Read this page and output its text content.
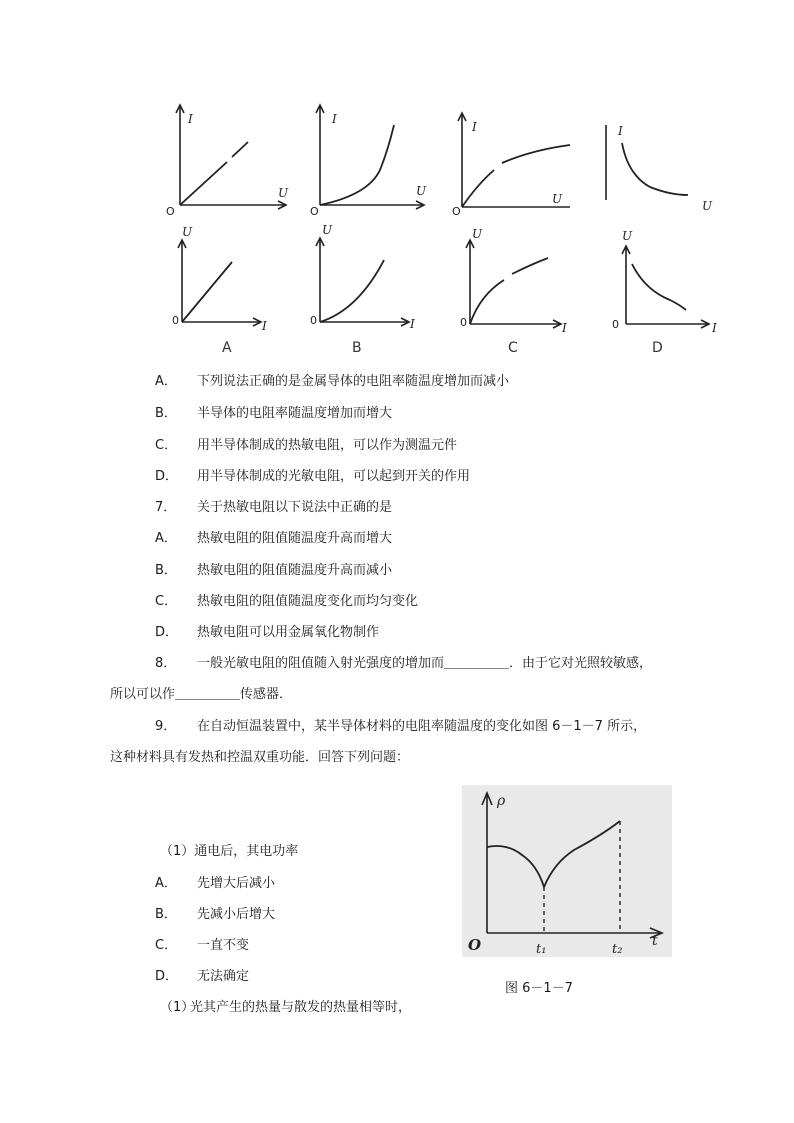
I
U
O
I
U
O
I
U
O
I
U
U
I
0
U
I
0
U
I
0
U
I
0
A	B	C	D
A． 下列说法正确的是金属导体的电阻率随温度增加而减小
B． 半导体的电阻率随温度增加而增大
C． 用半导体制成的热敏电阻，可以作为测温元件
D． 用半导体制成的光敏电阻，可以起到开关的作用
7． 关于热敏电阻以下说法中正确的是
A． 热敏电阻的阻值随温度升高而增大
B． 热敏电阻的阻值随温度升高而减小
C． 热敏电阻的阻值随温度变化而均匀变化
D． 热敏电阻可以用金属氧化物制作
8． 一般光敏电阻的阻值随入射光强度的增加而＿＿＿＿＿．由于它对光照较敏感，
所以可以作＿＿＿＿＿传感器．
9． 在自动恒温装置中，某半导体材料的电阻率随温度的变化如图 6－1－7 所示，
这种材料具有发热和控温双重功能．回答下列问题：
（1）通电后，其电功率
A． 先增大后减小
B． 先减小后增大
C． 一直不变
D． 无法确定
（1）光其产生的热量与散发的热量相等时，
ρ
t
O	t₁	t₂
图 6－1－7
